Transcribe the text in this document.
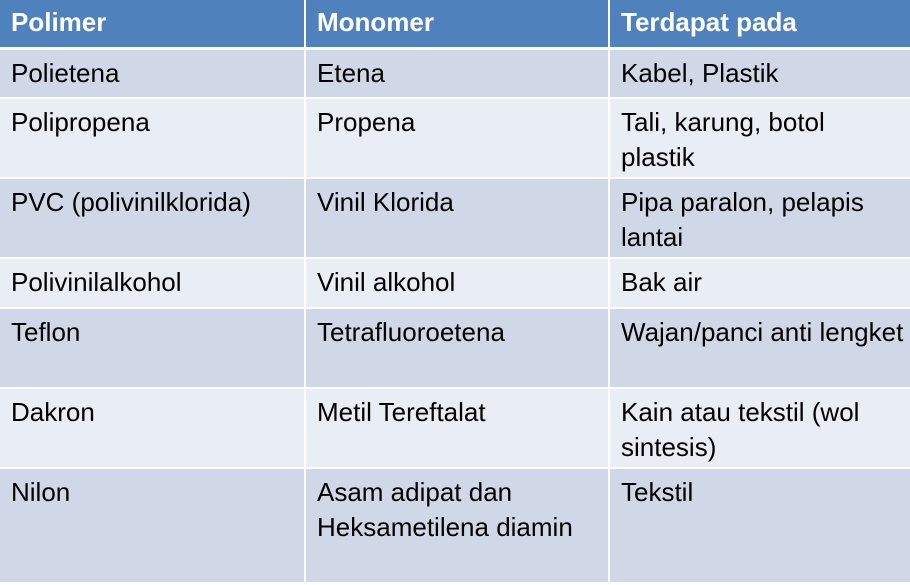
Polimer	Monomer	Terdapat pada
Polietena	Etena	Kabel, Plastik
Polipropena	Propena	Tali, karung, botol plastik
PVC (polivinilklorida)	Vinil Klorida	Pipa paralon, pelapis lantai
Polivinilalkohol	Vinil alkohol	Bak air
Teflon	Tetrafluoroetena	Wajan/panci anti lengket
Dakron	Metil Tereftalat	Kain atau tekstil (wol sintesis)
Nilon	Asam adipat dan Heksametilena diamin	Tekstil
